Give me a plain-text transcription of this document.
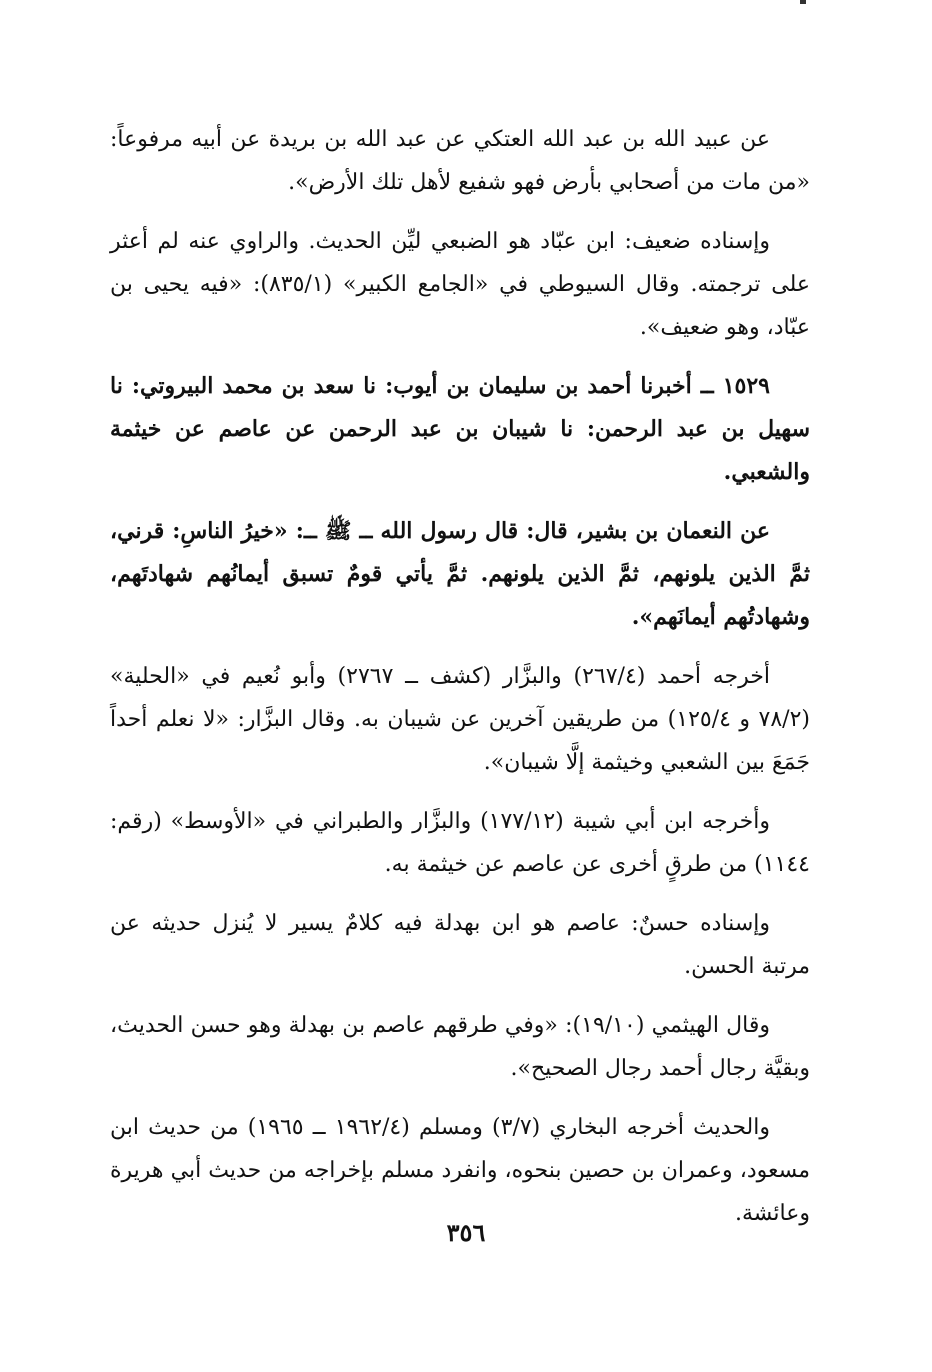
عن عبيد الله بن عبد الله العتكي عن عبد الله بن بريدة عن أبيه مرفوعاً: «من مات من أصحابي بأرض فهو شفيع لأهل تلك الأرض».

وإسناده ضعيف: ابن عبّاد هو الضبعي ليِّن الحديث. والراوي عنه لم أعثر على ترجمته. وقال السيوطي في «الجامع الكبير» (٨٣٥/١): «فيه يحيى بن عبّاد، وهو ضعيف».

١٥٢٩ ــ أخبرنا أحمد بن سليمان بن أيوب: نا سعد بن محمد البيروتي: نا سهيل بن عبد الرحمن: نا شيبان بن عبد الرحمن عن عاصم عن خيثمة والشعبي.

عن النعمان بن بشير، قال: قال رسول الله ــ ﷺ ــ: «خيرُ الناسِ: قرني، ثمَّ الذين يلونهم، ثمَّ الذين يلونهم. ثمَّ يأتي قومٌ تسبق أيمانُهم شهادتَهم، وشهادتُهم أيمانَهم».

أخرجه أحمد (٢٦٧/٤) والبزَّار (كشف ــ ٢٧٦٧) وأبو نُعيم في «الحلية» (٧٨/٢ و ١٢٥/٤) من طريقين آخرين عن شيبان به. وقال البزَّار: «لا نعلم أحداً جَمَعَ بين الشعبي وخيثمة إلَّا شيبان».

وأخرجه ابن أبي شيبة (١٧٧/١٢) والبزَّار والطبراني في «الأوسط» (رقم: ١١٤٤) من طرقٍ أخرى عن عاصم عن خيثمة به.

وإسناده حسنٌ: عاصم هو ابن بهدلة فيه كلامٌ يسير لا يُنزل حديثه عن مرتبة الحسن.

وقال الهيثمي (١٩/١٠): «وفي طرقهم عاصم بن بهدلة وهو حسن الحديث، وبقيَّة رجال أحمد رجال الصحيح».

والحديث أخرجه البخاري (٣/٧) ومسلم (١٩٦٢/٤ ــ ١٩٦٥) من حديث ابن مسعود، وعمران بن حصين بنحوه، وانفرد مسلم بإخراجه من حديث أبي هريرة وعائشة.

٣٥٦
